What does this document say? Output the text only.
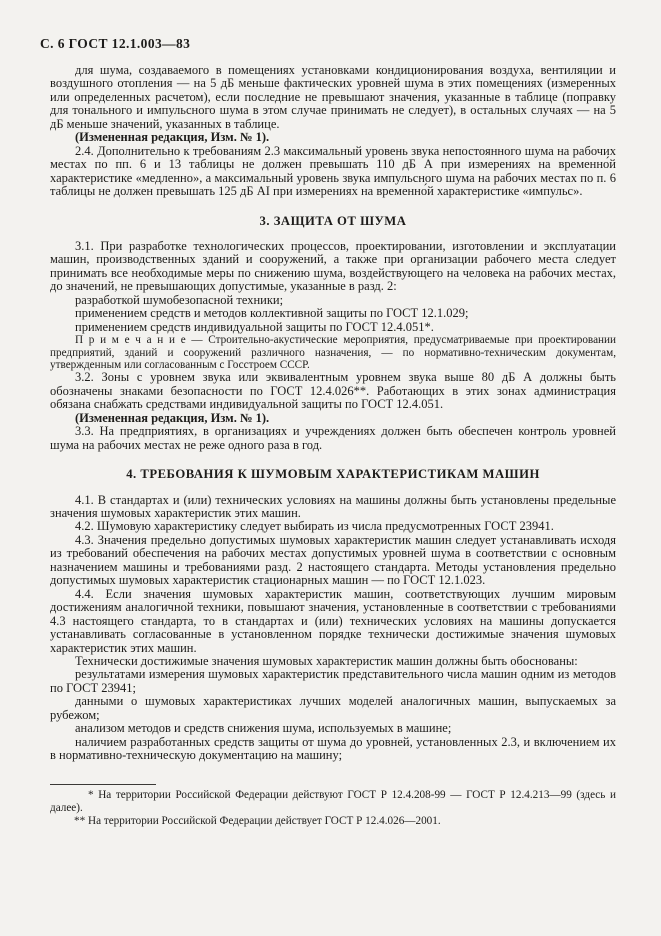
С. 6 ГОСТ 12.1.003—83

для шума, создаваемого в помещениях установками кондиционирования воздуха, вентиляции и воздушного отопления — на 5 дБ меньше фактических уровней шума в этих помещениях (измеренных или определенных расчетом), если последние не превышают значения, указанные в таблице (поправку для тонального и импульсного шума в этом случае принимать не следует), в остальных случаях — на 5 дБ меньше значений, указанных в таблице.

(Измененная редакция, Изм. № 1).

2.4. Дополнительно к требованиям 2.3 максимальный уровень звука непостоянного шума на рабочих местах по пп. 6 и 13 таблицы не должен превышать 110 дБ А при измерениях на временно́й характеристике «медленно», а максимальный уровень звука импульсного шума на рабочих местах по п. 6 таблицы не должен превышать 125 дБ АI при измерениях на временно́й характеристике «импульс».

3. ЗАЩИТА ОТ ШУМА

3.1. При разработке технологических процессов, проектировании, изготовлении и эксплуатации машин, производственных зданий и сооружений, а также при организации рабочего места следует принимать все необходимые меры по снижению шума, воздействующего на человека на рабочих местах, до значений, не превышающих допустимые, указанные в разд. 2:

разработкой шумобезопасной техники;

применением средств и методов коллективной защиты по ГОСТ 12.1.029;

применением средств индивидуальной защиты по ГОСТ 12.4.051*.

П р и м е ч а н и е — Строительно-акустические мероприятия, предусматриваемые при проектировании предприятий, зданий и сооружений различного назначения, — по нормативно-техническим документам, утвержденным или согласованным с Госстроем СССР.

3.2. Зоны с уровнем звука или эквивалентным уровнем звука выше 80 дБ А должны быть обозначены знаками безопасности по ГОСТ 12.4.026**. Работающих в этих зонах администрация обязана снабжать средствами индивидуальной защиты по ГОСТ 12.4.051.

(Измененная редакция, Изм. № 1).

3.3. На предприятиях, в организациях и учреждениях должен быть обеспечен контроль уровней шума на рабочих местах не реже одного раза в год.

4. ТРЕБОВАНИЯ К ШУМОВЫМ ХАРАКТЕРИСТИКАМ МАШИН

4.1. В стандартах и (или) технических условиях на машины должны быть установлены предельные значения шумовых характеристик этих машин.

4.2. Шумовую характеристику следует выбирать из числа предусмотренных ГОСТ 23941.

4.3. Значения предельно допустимых шумовых характеристик машин следует устанавливать исходя из требований обеспечения на рабочих местах допустимых уровней шума в соответствии с основным назначением машины и требованиями разд. 2 настоящего стандарта. Методы установления предельно допустимых шумовых характеристик стационарных машин — по ГОСТ 12.1.023.

4.4. Если значения шумовых характеристик машин, соответствующих лучшим мировым достижениям аналогичной техники, повышают значения, установленные в соответствии с требованиями 4.3 настоящего стандарта, то в стандартах и (или) технических условиях на машины допускается устанавливать согласованные в установленном порядке технически достижимые значения шумовых характеристик этих машин.

Технически достижимые значения шумовых характеристик машин должны быть обоснованы:

результатами измерения шумовых характеристик представительного числа машин одним из методов по ГОСТ 23941;

данными о шумовых характеристиках лучших моделей аналогичных машин, выпускаемых за рубежом;

анализом методов и средств снижения шума, используемых в машине;

наличием разработанных средств защиты от шума до уровней, установленных 2.3, и включением их в нормативно-техническую документацию на машину;

* На территории Российской Федерации действуют ГОСТ Р 12.4.208-99 — ГОСТ Р 12.4.213—99 (здесь и далее).

** На территории Российской Федерации действует ГОСТ Р 12.4.026—2001.
